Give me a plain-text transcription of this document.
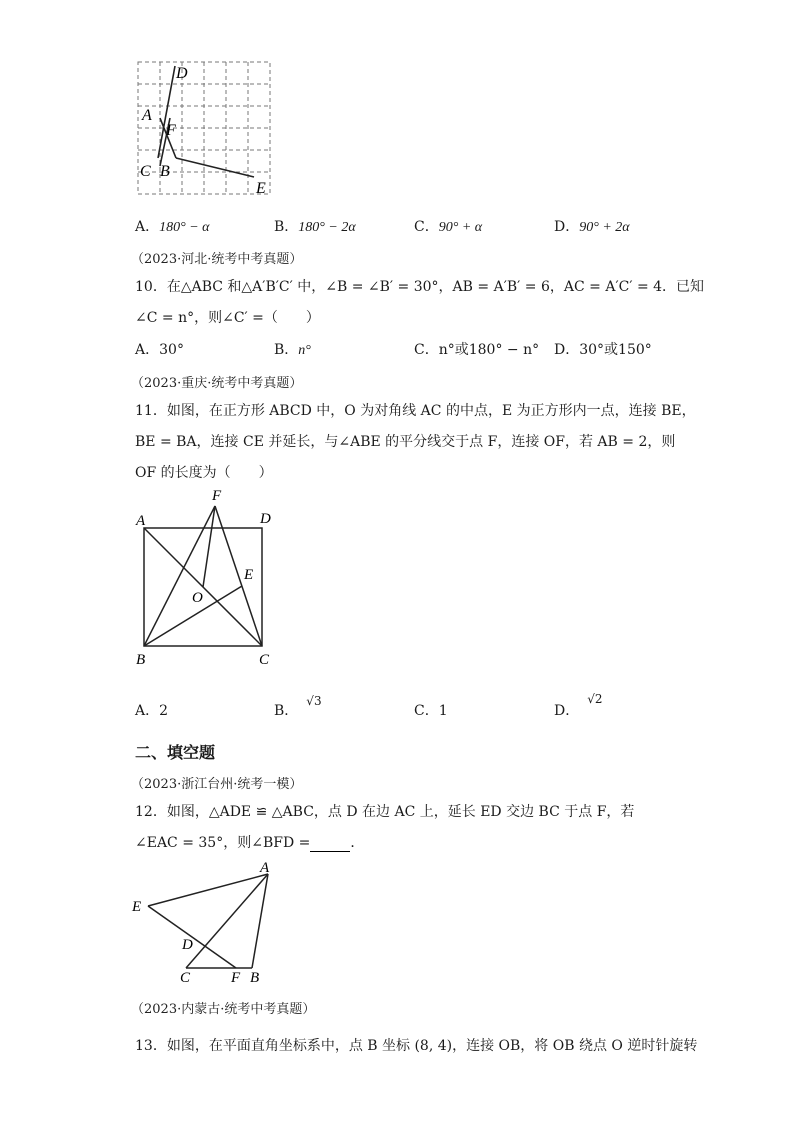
D
A
F
C B
E
A．180° − α	B．180° − 2α	C．90° + α	D．90° + 2α
（2023·河北·统考中考真题）
10．在△ABC 和△A′B′C′ 中，∠B = ∠B′ = 30°，AB = A′B′ = 6，AC = A′C′ = 4．已知
∠C = n°，则∠C′ =（　　）
A．30°	B．n°	C．n°或180° − n° D．30°或150°
（2023·重庆·统考中考真题）
11．如图，在正方形 ABCD 中，O 为对角线 AC 的中点，E 为正方形内一点，连接 BE，
BE = BA，连接 CE 并延长，与∠ABE 的平分线交于点 F，连接 OF，若 AB = 2，则
OF 的长度为（　　）
F
A	D
E
O
B	C
A．2	B．√3
C．1	D．√2
二、填空题
（2023·浙江台州·统考一模）
12．如图，△ADE ≌ △ABC，点 D 在边 AC 上，延长 ED 交边 BC 于点 F，若
∠EAC = 35°，则∠BFD =	．
A
E
D
C	F B
（2023·内蒙古·统考中考真题）
13．如图，在平面直角坐标系中，点 B 坐标 (8, 4)，连接 OB，将 OB 绕点 O 逆时针旋转
